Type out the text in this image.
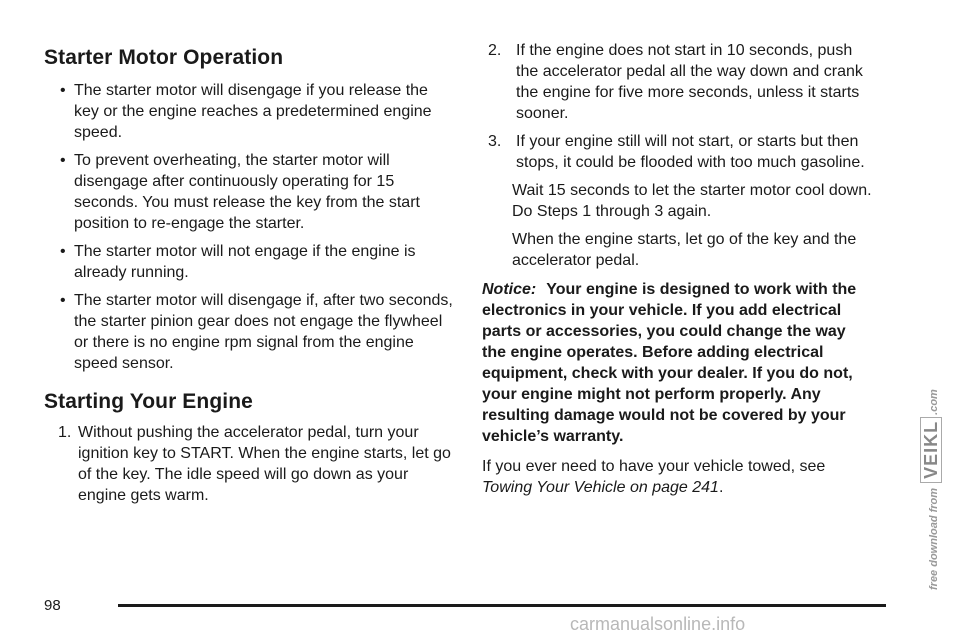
Starter Motor Operation
• The starter motor will disengage if you release the key or the engine reaches a predetermined engine speed.
• To prevent overheating, the starter motor will disengage after continuously operating for 15 seconds. You must release the key from the start position to re-engage the starter.
• The starter motor will not engage if the engine is already running.
• The starter motor will disengage if, after two seconds, the starter pinion gear does not engage the flywheel or there is no engine rpm signal from the engine speed sensor.
Starting Your Engine
1. Without pushing the accelerator pedal, turn your ignition key to START. When the engine starts, let go of the key. The idle speed will go down as your engine gets warm.
2. If the engine does not start in 10 seconds, push the accelerator pedal all the way down and crank the engine for five more seconds, unless it starts sooner.
3. If your engine still will not start, or starts but then stops, it could be flooded with too much gasoline.

Wait 15 seconds to let the starter motor cool down. Do Steps 1 through 3 again.

When the engine starts, let go of the key and the accelerator pedal.

Notice: Your engine is designed to work with the electronics in your vehicle. If you add electrical parts or accessories, you could change the way the engine operates. Before adding electrical equipment, check with your dealer. If you do not, your engine might not perform properly. Any resulting damage would not be covered by your vehicle’s warranty.

If you ever need to have your vehicle towed, see Towing Your Vehicle on page 241.

98
free download from VEIKL.com
carmanualsonline.info
